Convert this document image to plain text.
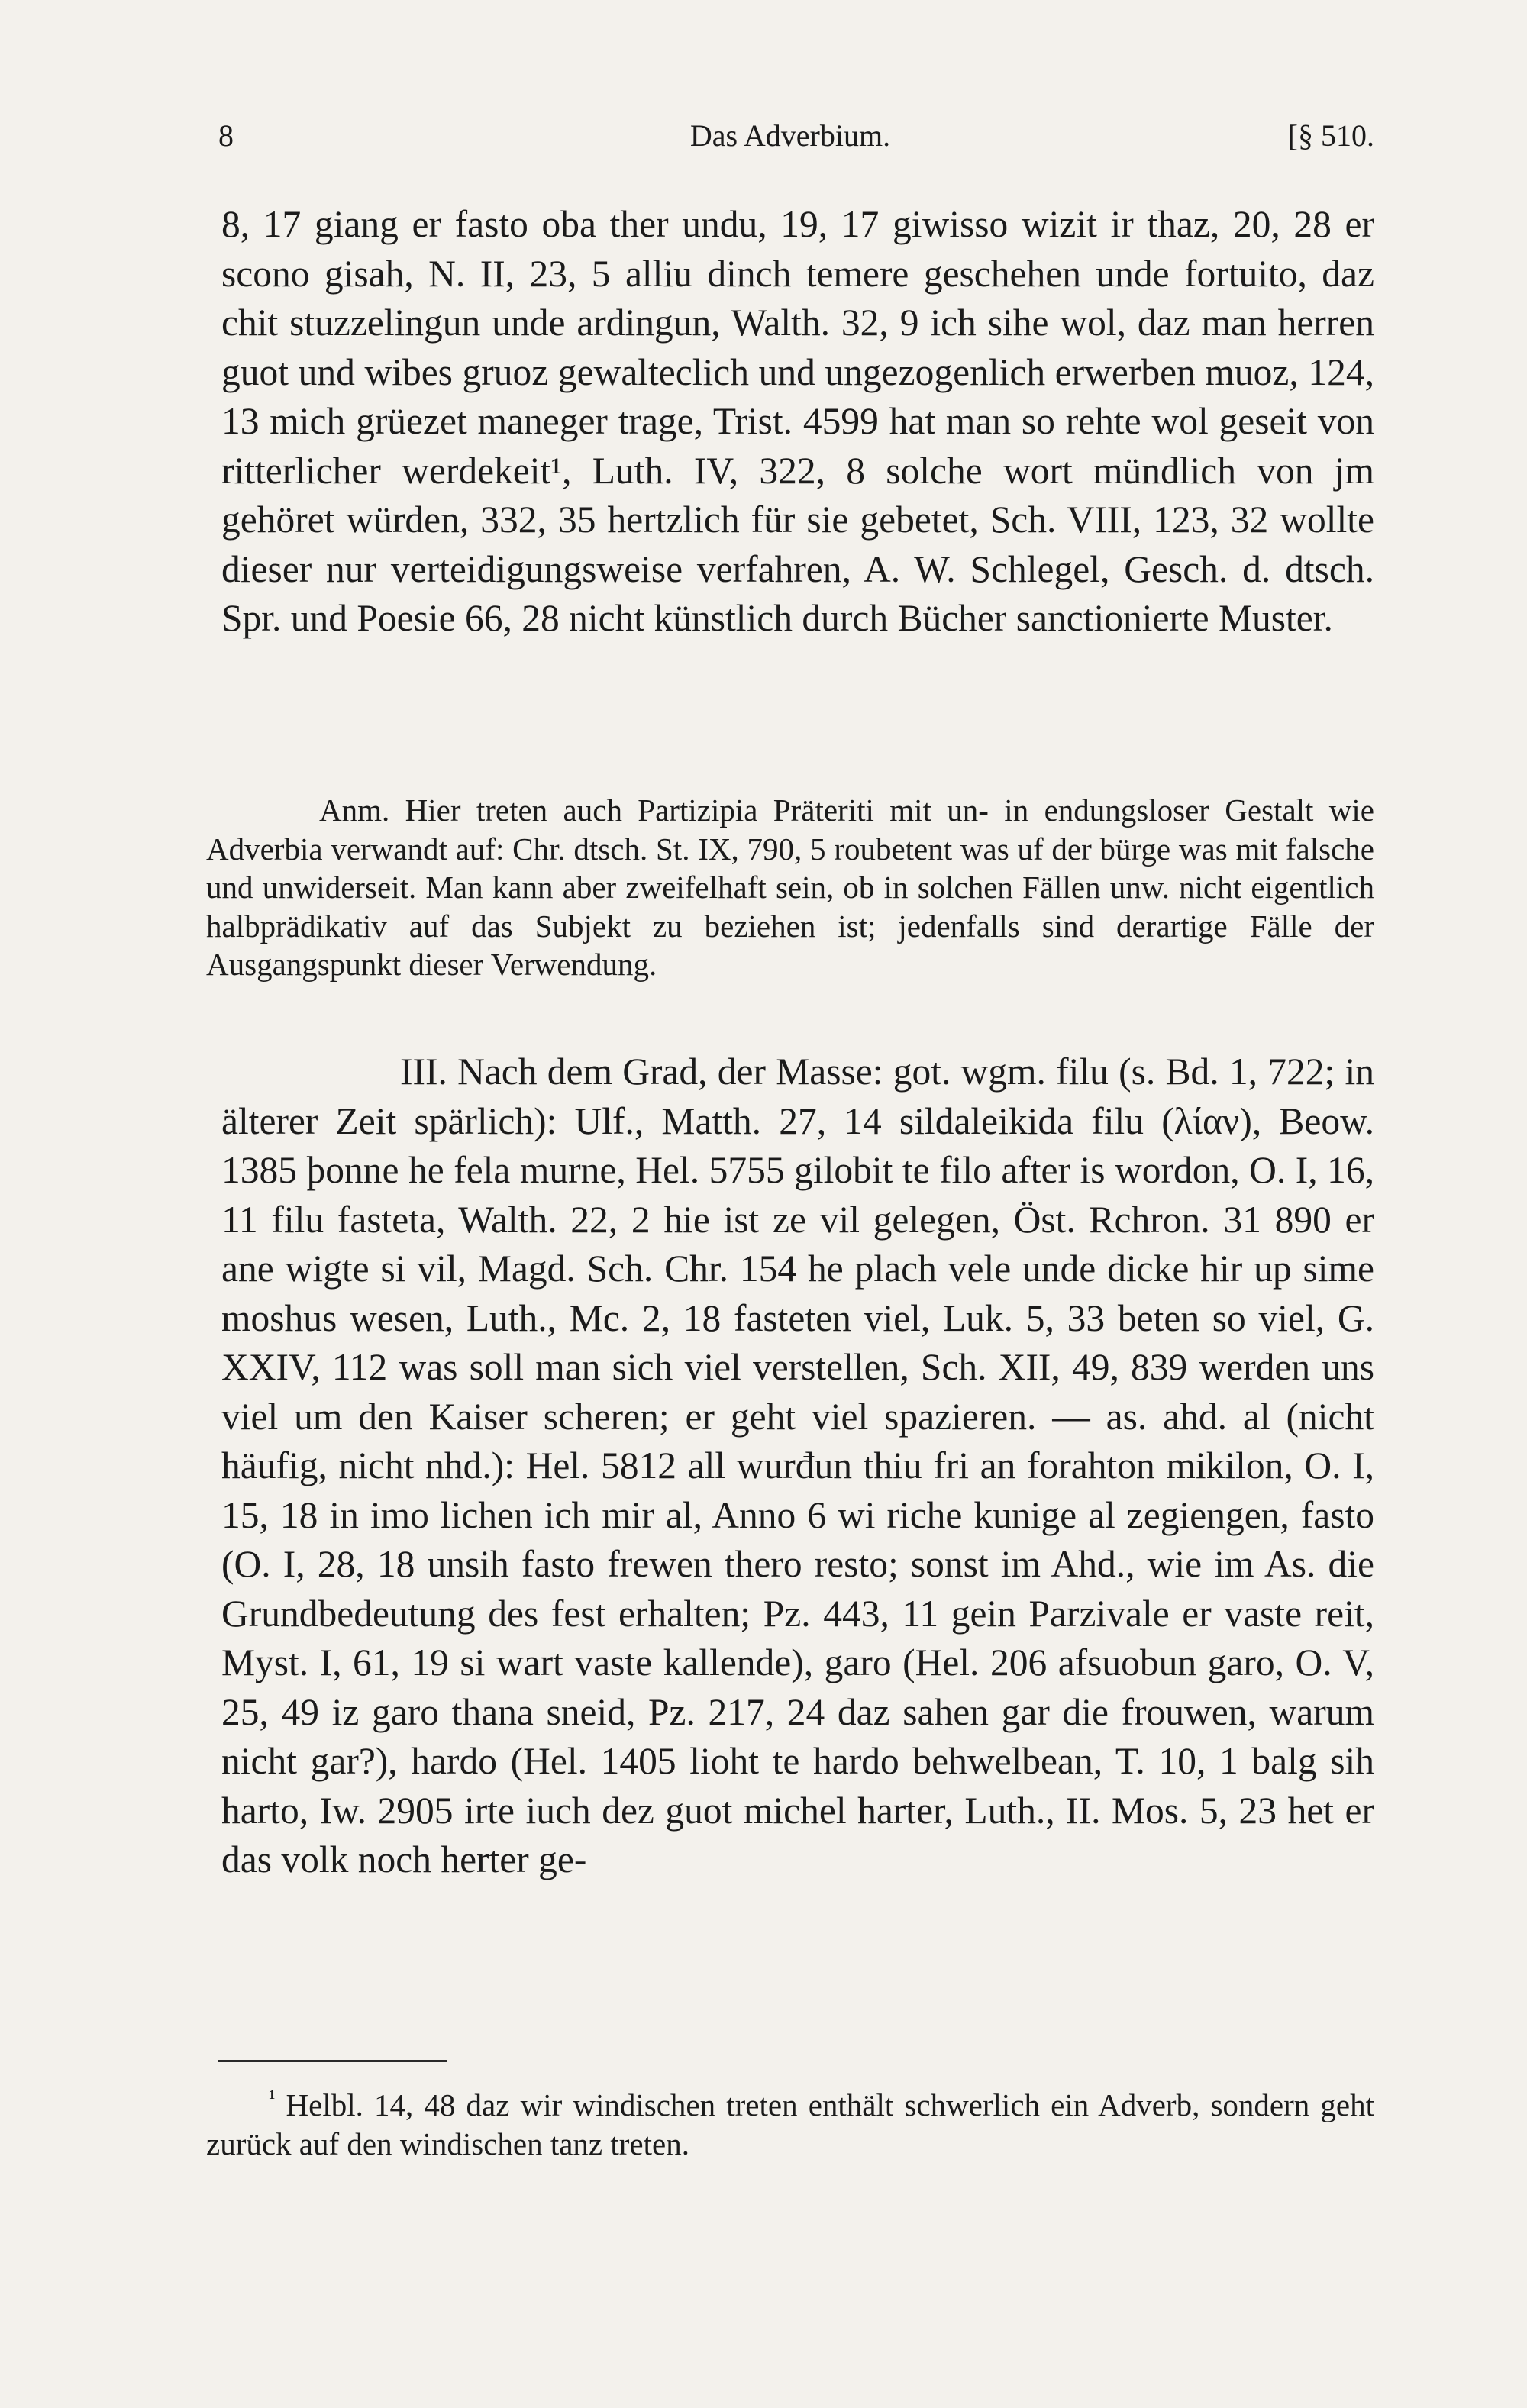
8	Das Adverbium.	[§ 510.

8, 17 giang er fasto oba ther undu, 19, 17 giwisso wizit ir thaz, 20, 28 er scono gisah, N. II, 23, 5 alliu dinch temere geschehen unde fortuito, daz chit stuzzelingun unde ardingun, Walth. 32, 9 ich sihe wol, daz man herren guot und wibes gruoz gewalteclich und ungezogenlich erwerben muoz, 124, 13 mich grüezet maneger trage, Trist. 4599 hat man so rehte wol geseit von ritterlicher werdekeit¹, Luth. IV, 322, 8 solche wort mündlich von jm gehöret würden, 332, 35 hertzlich für sie gebetet, Sch. VIII, 123, 32 wollte dieser nur verteidigungsweise verfahren, A. W. Schlegel, Gesch. d. dtsch. Spr. und Poesie 66, 28 nicht künstlich durch Bücher sanctionierte Muster.

Anm. Hier treten auch Partizipia Präteriti mit un- in endungsloser Gestalt wie Adverbia verwandt auf: Chr. dtsch. St. IX, 790, 5 roubetent was uf der bürge was mit falsche und unwiderseit. Man kann aber zweifelhaft sein, ob in solchen Fällen unw. nicht eigentlich halbprädikativ auf das Subjekt zu beziehen ist; jedenfalls sind derartige Fälle der Ausgangspunkt dieser Verwendung.

III. Nach dem Grad, der Masse: got. wgm. filu (s. Bd. 1, 722; in älterer Zeit spärlich): Ulf., Matth. 27, 14 sildaleikida filu (λίαν), Beow. 1385 þonne he fela murne, Hel. 5755 gilobit te filo after is wordon, O. I, 16, 11 filu fasteta, Walth. 22, 2 hie ist ze vil gelegen, Öst. Rchron. 31 890 er ane wigte si vil, Magd. Sch. Chr. 154 he plach vele unde dicke hir up sime moshus wesen, Luth., Mc. 2, 18 fasteten viel, Luk. 5, 33 beten so viel, G. XXIV, 112 was soll man sich viel verstellen, Sch. XII, 49, 839 werden uns viel um den Kaiser scheren; er geht viel spazieren. — as. ahd. al (nicht häufig, nicht nhd.): Hel. 5812 all wurđun thiu fri an forahton mikilon, O. I, 15, 18 in imo lichen ich mir al, Anno 6 wi riche kunige al zegiengen, fasto (O. I, 28, 18 unsih fasto frewen thero resto; sonst im Ahd., wie im As. die Grundbedeutung des fest erhalten; Pz. 443, 11 gein Parzivale er vaste reit, Myst. I, 61, 19 si wart vaste kallende), garo (Hel. 206 afsuobun garo, O. V, 25, 49 iz garo thana sneid, Pz. 217, 24 daz sahen gar die frouwen, warum nicht gar?), hardo (Hel. 1405 lioht te hardo behwelbean, T. 10, 1 balg sih harto, Iw. 2905 irte iuch dez guot michel harter, Luth., II. Mos. 5, 23 het er das volk noch herter ge-

$^{^1}$ Helbl. 14, 48 daz wir windischen treten enthält schwerlich ein Adverb, sondern geht zurück auf den windischen tanz treten.
